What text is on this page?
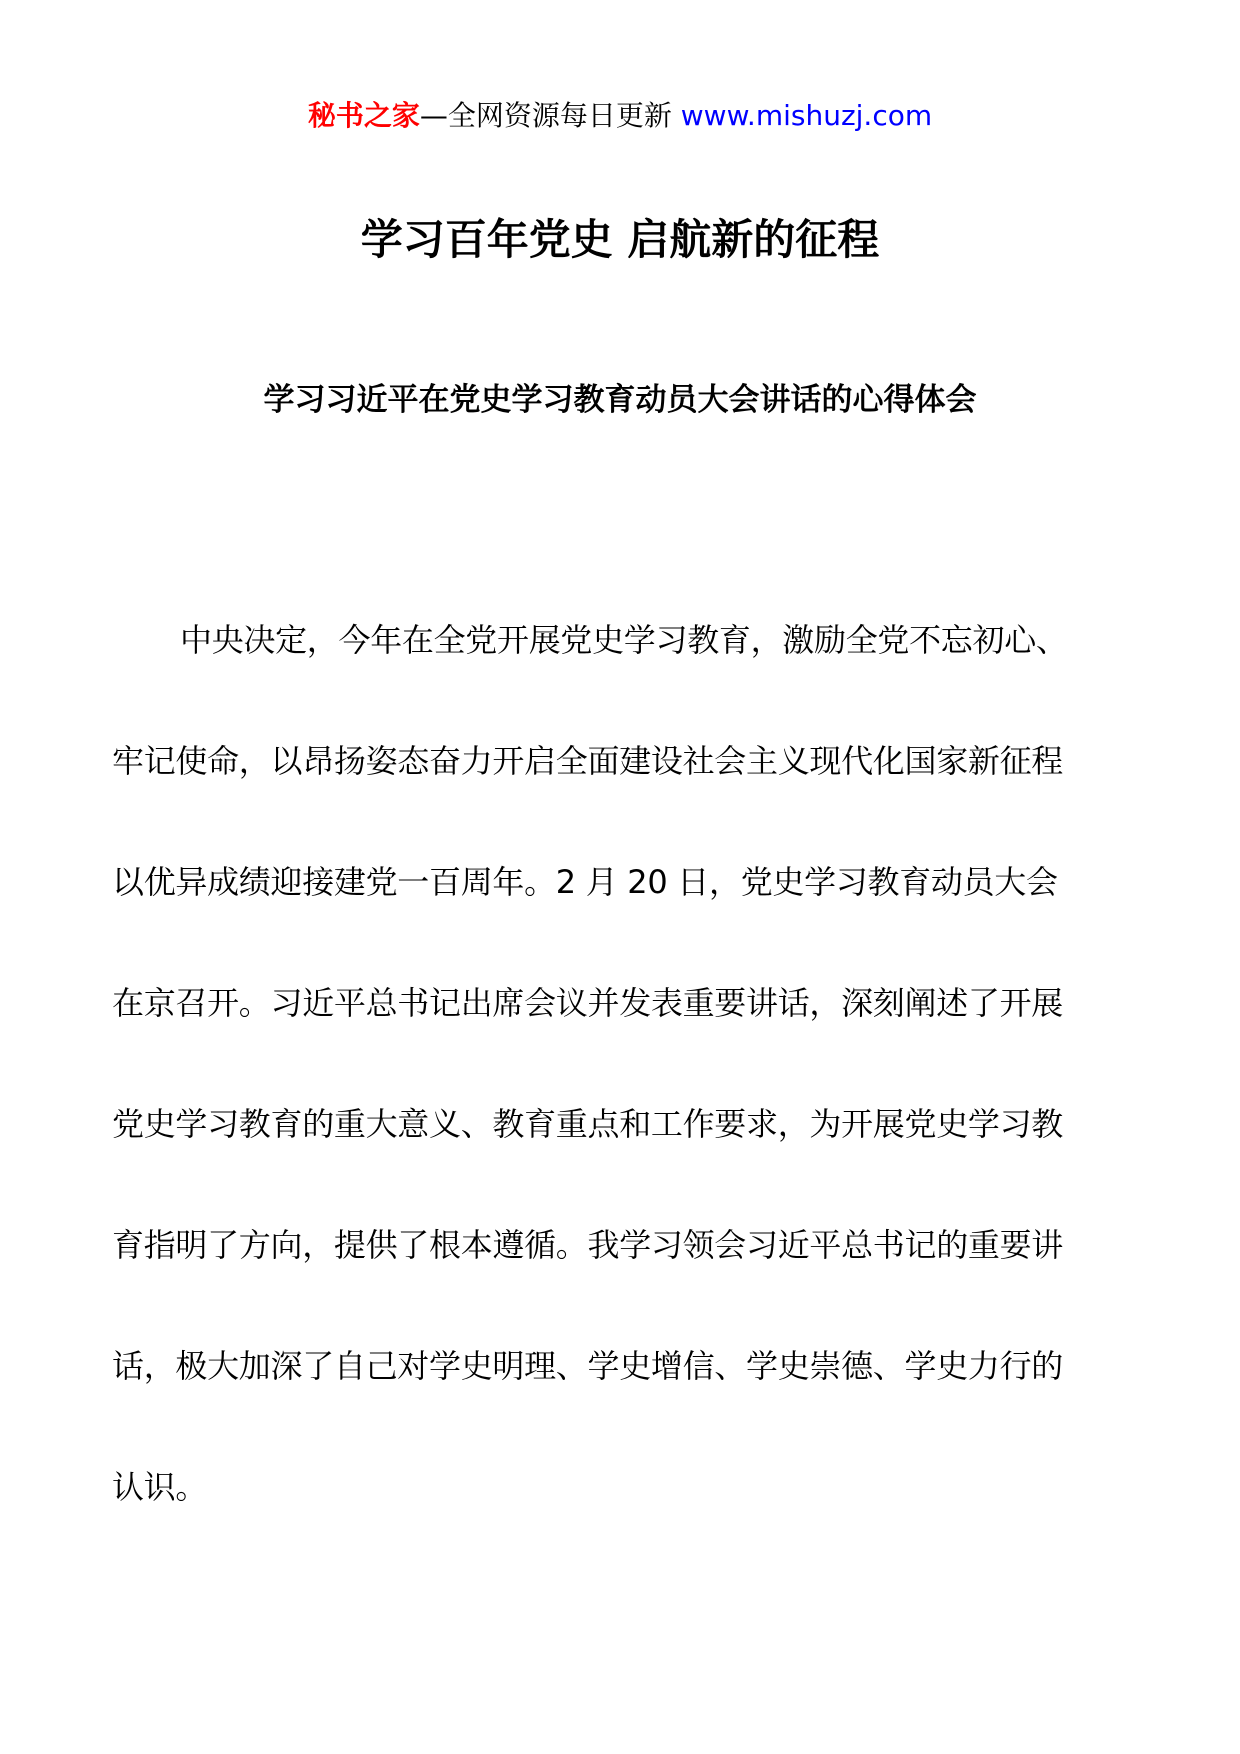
秘书之家—全网资源每日更新 www.mishuzj.com
学习百年党史 启航新的征程
学习习近平在党史学习教育动员大会讲话的心得体会
中央决定，今年在全党开展党史学习教育，激励全党不忘初心、
牢记使命，以昂扬姿态奋力开启全面建设社会主义现代化国家新征程
以优异成绩迎接建党一百周年。2 月 20 日，党史学习教育动员大会
在京召开。习近平总书记出席会议并发表重要讲话，深刻阐述了开展
党史学习教育的重大意义、教育重点和工作要求，为开展党史学习教
育指明了方向，提供了根本遵循。我学习领会习近平总书记的重要讲
话，极大加深了自己对学史明理、学史增信、学史崇德、学史力行的
认识。
